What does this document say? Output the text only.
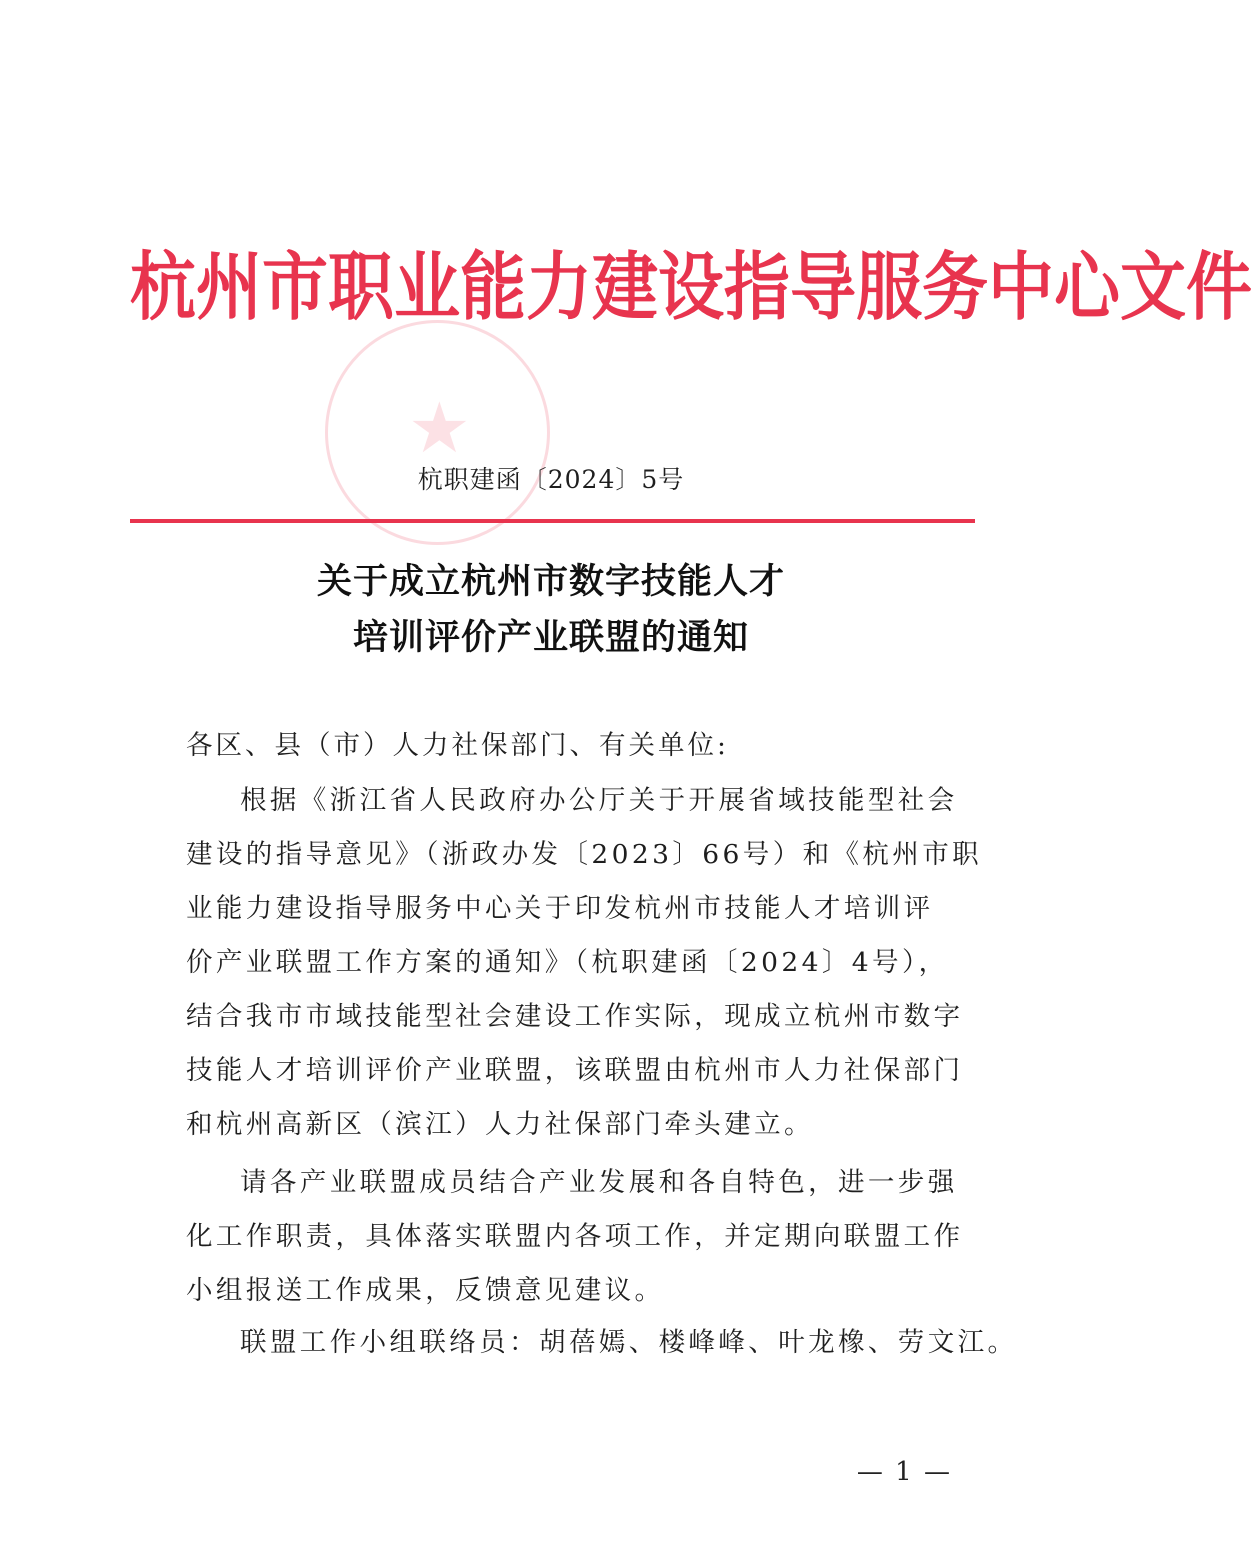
★
杭州市职业能力建设指导服务中心文件
杭职建函〔2024〕5号
关于成立杭州市数字技能人才
培训评价产业联盟的通知
各区、县（市）人力社保部门、有关单位:
根据《浙江省人民政府办公厅关于开展省域技能型社会
建设的指导意见》（浙政办发〔2023〕66号）和《杭州市职
业能力建设指导服务中心关于印发杭州市技能人才培训评
价产业联盟工作方案的通知》（杭职建函〔2024〕4号），
结合我市市域技能型社会建设工作实际，现成立杭州市数字
技能人才培训评价产业联盟，该联盟由杭州市人力社保部门
和杭州高新区（滨江）人力社保部门牵头建立。
请各产业联盟成员结合产业发展和各自特色，进一步强
化工作职责，具体落实联盟内各项工作，并定期向联盟工作
小组报送工作成果，反馈意见建议。
联盟工作小组联络员：胡蓓嫣、楼峰峰、叶龙橡、劳文江。
— 1 —
